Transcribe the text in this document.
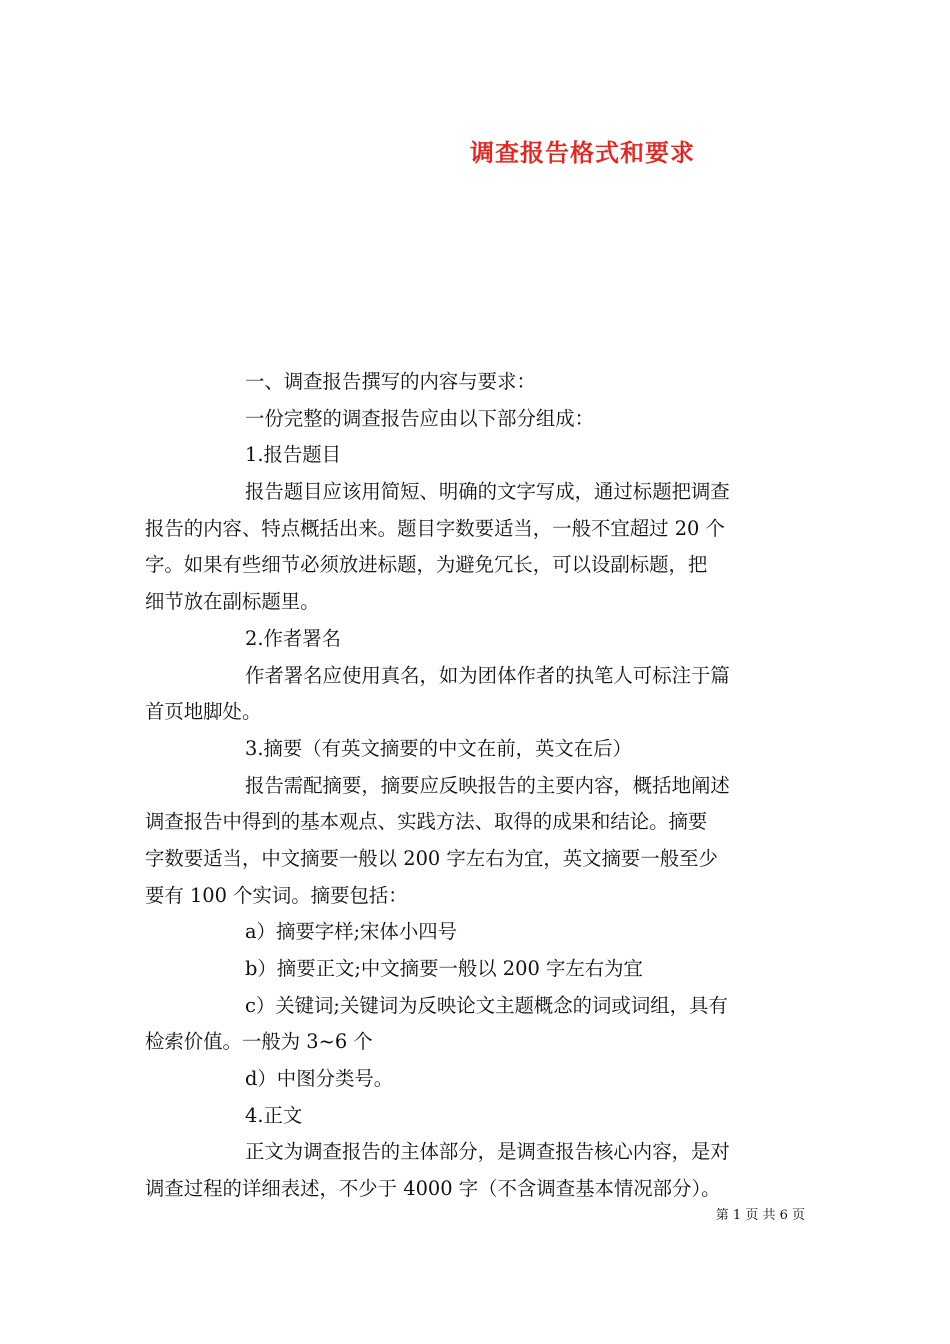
调查报告格式和要求
一、调查报告撰写的内容与要求：
一份完整的调查报告应由以下部分组成：
1.报告题目
报告题目应该用简短、明确的文字写成，通过标题把调查
报告的内容、特点概括出来。题目字数要适当，一般不宜超过 20 个
字。如果有些细节必须放进标题，为避免冗长，可以设副标题，把
细节放在副标题里。
2.作者署名
作者署名应使用真名，如为团体作者的执笔人可标注于篇
首页地脚处。
3.摘要（有英文摘要的中文在前，英文在后）
报告需配摘要，摘要应反映报告的主要内容，概括地阐述
调查报告中得到的基本观点、实践方法、取得的成果和结论。摘要
字数要适当，中文摘要一般以 200 字左右为宜，英文摘要一般至少
要有 100 个实词。摘要包括：
a）摘要字样;宋体小四号
b）摘要正文;中文摘要一般以 200 字左右为宜
c）关键词;关键词为反映论文主题概念的词或词组，具有
检索价值。一般为 3~6 个
d）中图分类号。
4.正文
正文为调查报告的主体部分，是调查报告核心内容，是对
调查过程的详细表述，不少于 4000 字（不含调查基本情况部分）。
第 1 页 共 6 页
